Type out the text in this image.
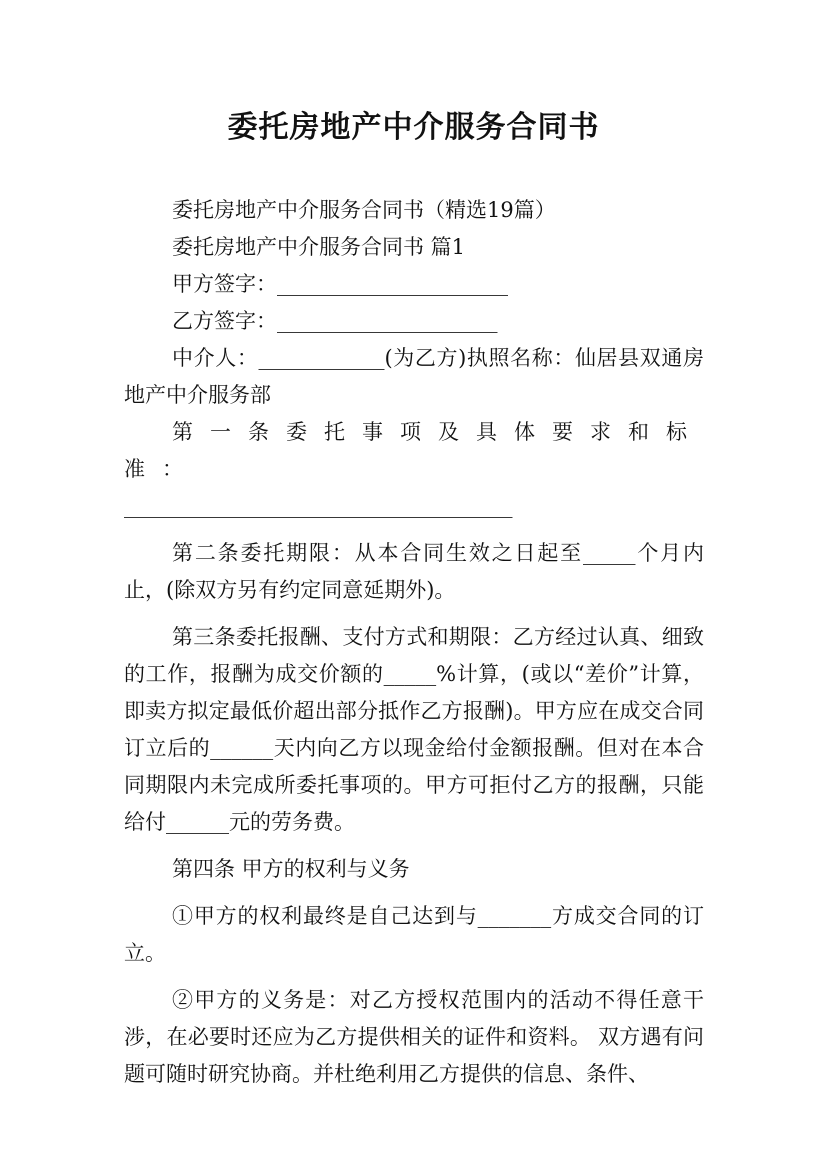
委托房地产中介服务合同书

委托房地产中介服务合同书（精选19篇）

委托房地产中介服务合同书 篇1

甲方签字：______________________

乙方签字：_____________________

中介人：____________(为乙方)执照名称：仙居县双通房地产中介服务部

第一条委托事项及具体要求和标准：

_____________________________________

第二条委托期限：从本合同生效之日起至_____个月内止，(除双方另有约定同意延期外)。

第三条委托报酬、支付方式和期限：乙方经过认真、细致的工作，报酬为成交价额的_____%计算，(或以“差价”计算，即卖方拟定最低价超出部分抵作乙方报酬)。甲方应在成交合同订立后的______天内向乙方以现金给付金额报酬。但对在本合同期限内未完成所委托事项的。甲方可拒付乙方的报酬，只能给付______元的劳务费。

第四条 甲方的权利与义务

①甲方的权利最终是自己达到与_______方成交合同的订立。

②甲方的义务是：对乙方授权范围内的活动不得任意干涉，在必要时还应为乙方提供相关的证件和资料。 双方遇有问题可随时研究协商。并杜绝利用乙方提供的信息、条件、
